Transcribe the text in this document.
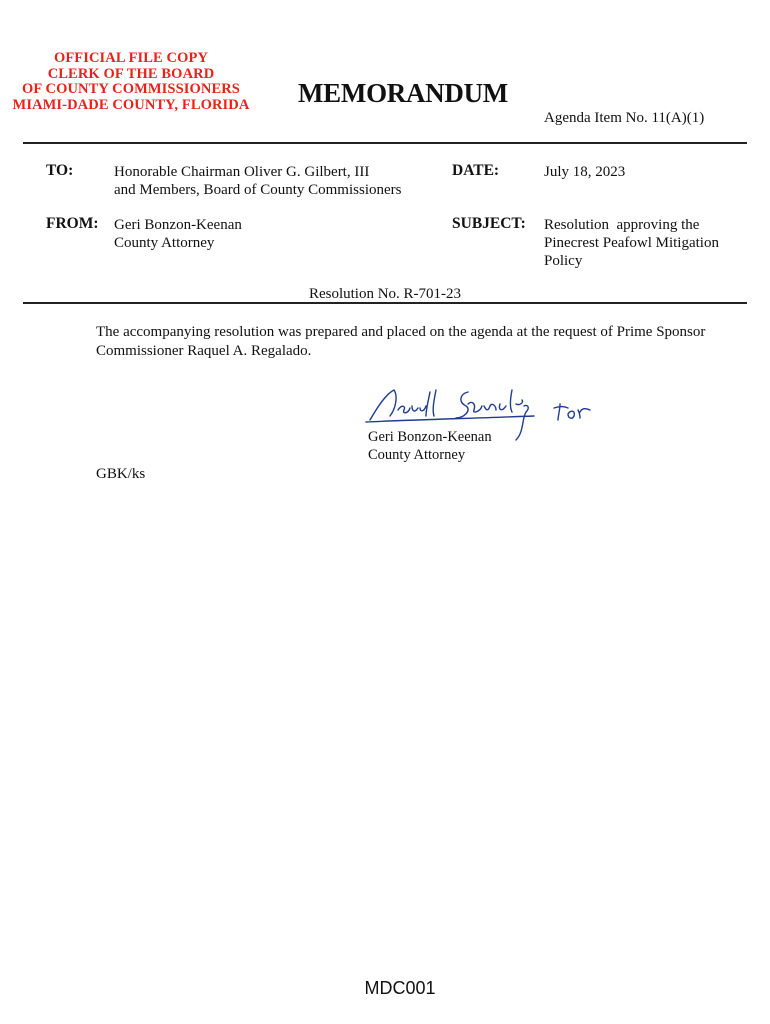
OFFICIAL FILE COPY
CLERK OF THE BOARD
OF COUNTY COMMISSIONERS
MIAMI-DADE COUNTY, FLORIDA	MEMORANDUM
Agenda Item No. 11(A)(1)
TO:	Honorable Chairman Oliver G. Gilbert, III
and Members, Board of County Commissioners
DATE:	July 18, 2023
FROM: Geri Bonzon-Keenan
County Attorney
SUBJECT: Resolution  approving the
Pinecrest Peafowl Mitigation
Policy
Resolution No. R-701-23
The accompanying resolution was prepared and placed on the agenda at the request of Prime Sponsor
Commissioner Raquel A. Regalado.
Geri Bonzon-Keenan
County Attorney
GBK/ks
MDC001
